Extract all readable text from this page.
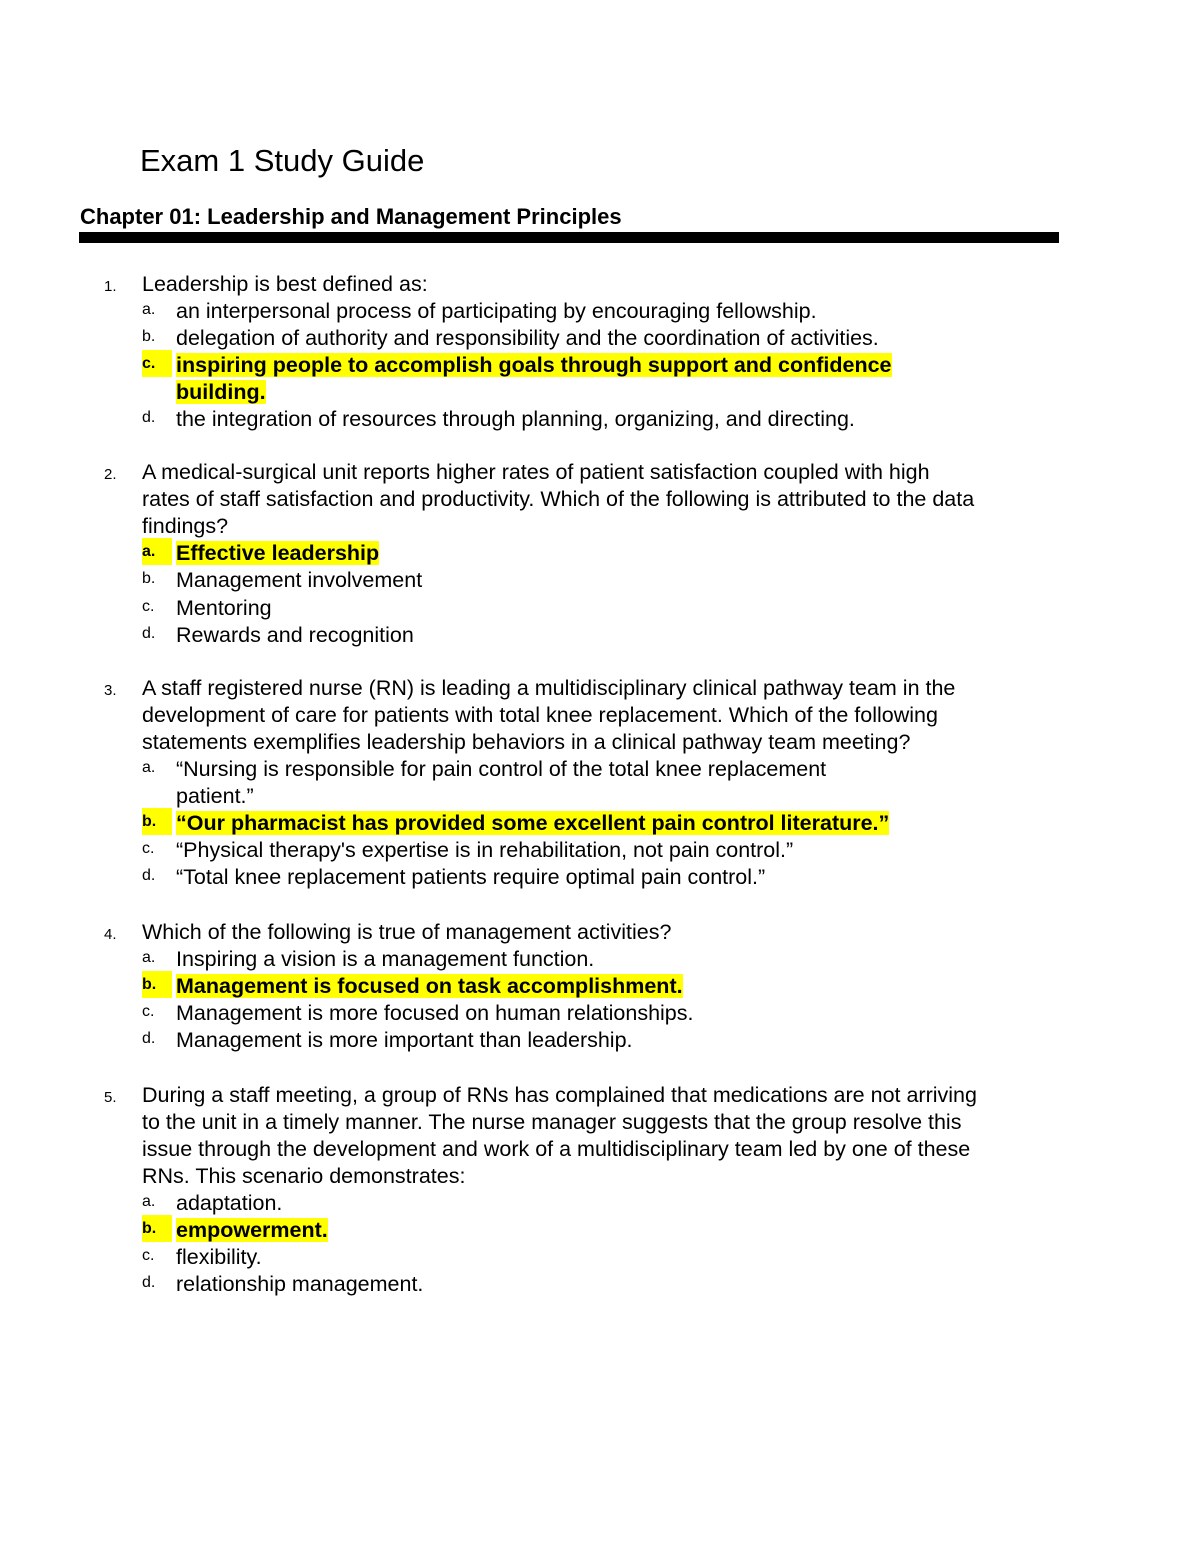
Exam 1 Study Guide
Chapter 01: Leadership and Management Principles
1.	Leadership is best defined as:

a. an interpersonal process of participating by encouraging fellowship.
b. delegation of authority and responsibility and the coordination of activities.
c. inspiring people to accomplish goals through support and confidence
building.
d. the integration of resources through planning, organizing, and directing.
2.	A medical-surgical unit reports higher rates of patient satisfaction coupled with high
rates of staff satisfaction and productivity. Which of the following is attributed to the data
findings?

a. Effective leadership
b. Management involvement
c.	Mentoring
d. Rewards and recognition
3.	A staff registered nurse (RN) is leading a multidisciplinary clinical pathway team in the
development of care for patients with total knee replacement. Which of the following
statements exemplifies leadership behaviors in a clinical pathway team meeting?

a. “Nursing is responsible for pain control of the total knee replacement
patient.”
b. “Our pharmacist has provided some excellent pain control literature.”
c.	“Physical therapy's expertise is in rehabilitation, not pain control.”
d. “Total knee replacement patients require optimal pain control.”
4.	Which of the following is true of management activities?

a. Inspiring a vision is a management function.
b. Management is focused on task accomplishment.
c.	Management is more focused on human relationships.
d. Management is more important than leadership.
5.	During a staff meeting, a group of RNs has complained that medications are not arriving
to the unit in a timely manner. The nurse manager suggests that the group resolve this
issue through the development and work of a multidisciplinary team led by one of these
RNs. This scenario demonstrates:

a. adaptation.
b. empowerment.
c.	flexibility.
d. relationship management.
